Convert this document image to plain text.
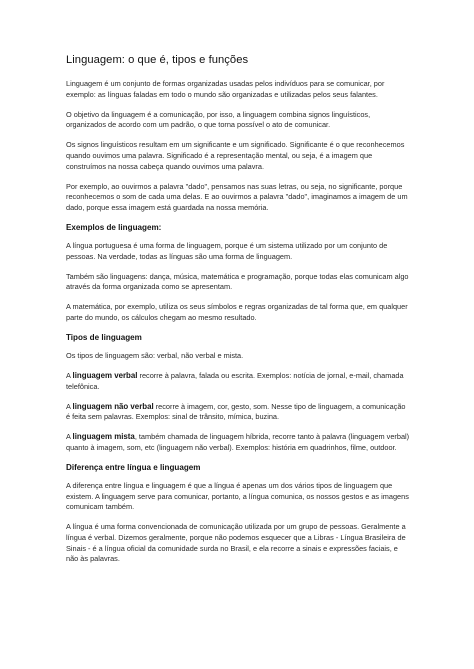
Linguagem: o que é, tipos e funções

Linguagem é um conjunto de formas organizadas usadas pelos indivíduos para se comunicar, por exemplo: as línguas faladas em todo o mundo são organizadas e utilizadas pelos seus falantes.

O objetivo da linguagem é a comunicação, por isso, a linguagem combina signos linguísticos, organizados de acordo com um padrão, o que torna possível o ato de comunicar.

Os signos linguísticos resultam em um significante e um significado. Significante é o que reconhecemos quando ouvimos uma palavra. Significado é a representação mental, ou seja, é a imagem que construímos na nossa cabeça quando ouvimos uma palavra.

Por exemplo, ao ouvirmos a palavra "dado", pensamos nas suas letras, ou seja, no significante, porque reconhecemos o som de cada uma delas. E ao ouvirmos a palavra "dado", imaginamos a imagem de um dado, porque essa imagem está guardada na nossa memória.

Exemplos de linguagem:

A língua portuguesa é uma forma de linguagem, porque é um sistema utilizado por um conjunto de pessoas. Na verdade, todas as línguas são uma forma de linguagem.

Também são linguagens: dança, música, matemática e programação, porque todas elas comunicam algo através da forma organizada como se apresentam.

A matemática, por exemplo, utiliza os seus símbolos e regras organizadas de tal forma que, em qualquer parte do mundo, os cálculos chegam ao mesmo resultado.

Tipos de linguagem

Os tipos de linguagem são: verbal, não verbal e mista.

A linguagem verbal recorre à palavra, falada ou escrita. Exemplos: notícia de jornal, e-mail, chamada telefônica.

A linguagem não verbal recorre à imagem, cor, gesto, som. Nesse tipo de linguagem, a comunicação é feita sem palavras. Exemplos: sinal de trânsito, mímica, buzina.

A linguagem mista, também chamada de linguagem híbrida, recorre tanto à palavra (linguagem verbal) quanto à imagem, som, etc (linguagem não verbal). Exemplos: história em quadrinhos, filme, outdoor.

Diferença entre língua e linguagem

A diferença entre língua e linguagem é que a língua é apenas um dos vários tipos de linguagem que existem. A linguagem serve para comunicar, portanto, a língua comunica, os nossos gestos e as imagens comunicam também.

A língua é uma forma convencionada de comunicação utilizada por um grupo de pessoas. Geralmente a língua é verbal. Dizemos geralmente, porque não podemos esquecer que a Libras - Língua Brasileira de Sinais - é a língua oficial da comunidade surda no Brasil, e ela recorre a sinais e expressões faciais, e não às palavras.
